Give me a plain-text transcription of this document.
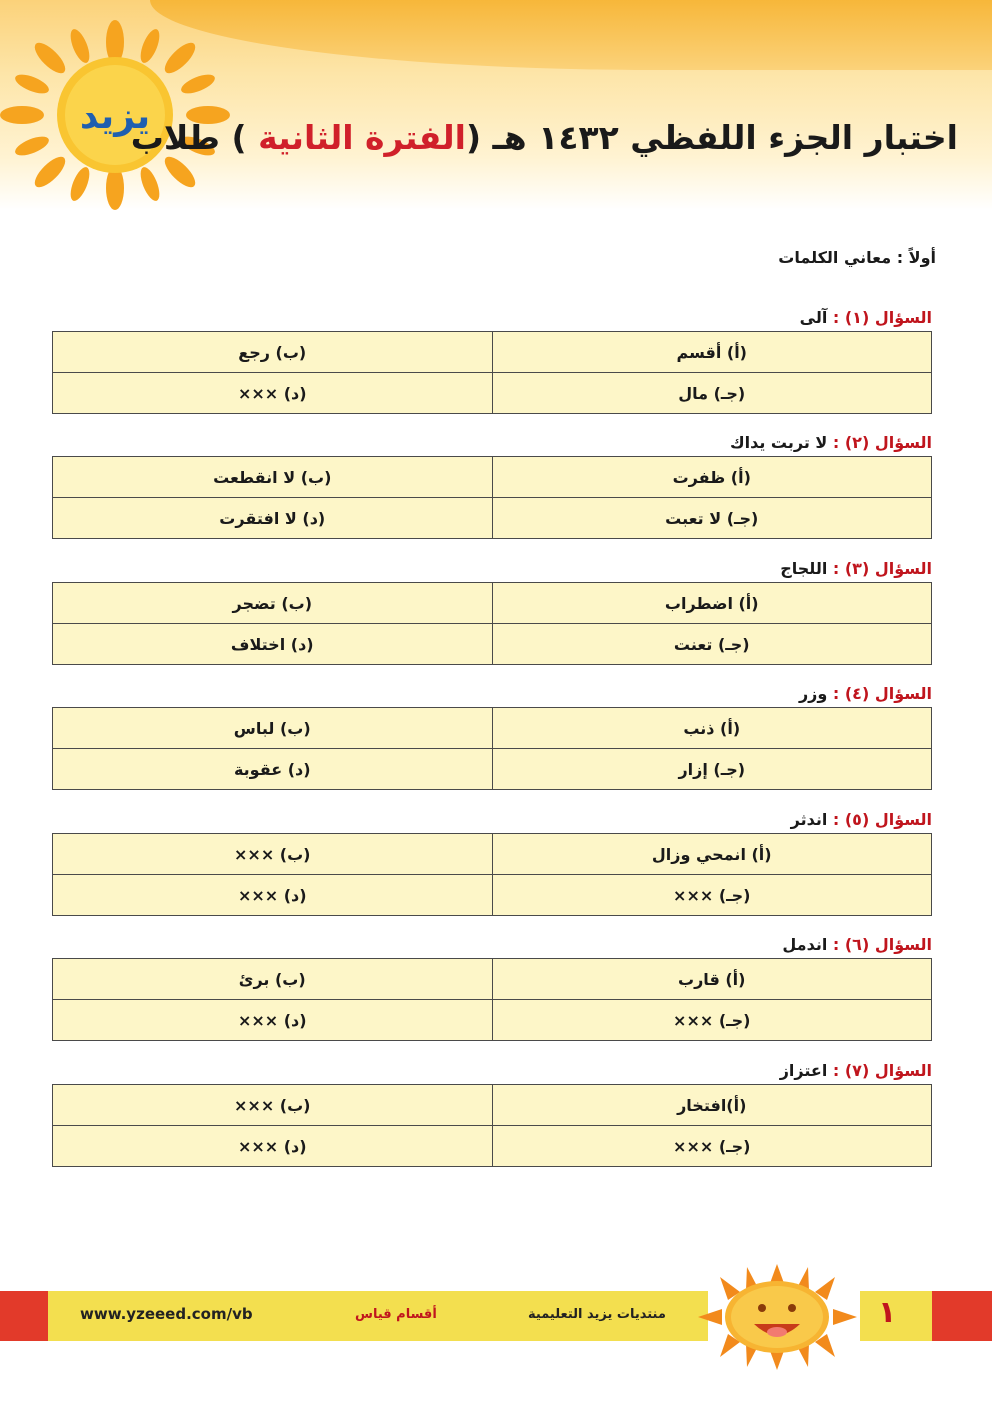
يزيد
اختبار الجزء اللفظي ١٤٣٢ هـ (الفترة الثانية ) طلاب
أولاً : معاني الكلمات
السؤال (١) : آلى
(أ) أقسم	(ب) رجع
(جـ) مال	(د) ×××
السؤال (٢) : لا تربت يداك
(أ) ظفرت	(ب) لا انقطعت
(جـ) لا تعبت	(د) لا افتقرت
السؤال (٣) : اللجاج
(أ) اضطراب	(ب) تضجر
(جـ) تعنت	(د) اختلاف
السؤال (٤) : وزر
(أ) ذنب	(ب) لباس
(جـ) إزار	(د) عقوبة
السؤال (٥) : اندثر
(أ) انمحي وزال	(ب) ×××
(جـ) ×××	(د) ×××
السؤال (٦) : اندمل
(أ) قارب	(ب) برئ
(جـ) ×××	(د) ×××
السؤال (٧) : اعتزاز
(أ)افتخار	(ب) ×××
(جـ) ×××	(د) ×××
www.yzeeed.com/vb	أقسام قياس	منتديات يزيد التعليمية	١
